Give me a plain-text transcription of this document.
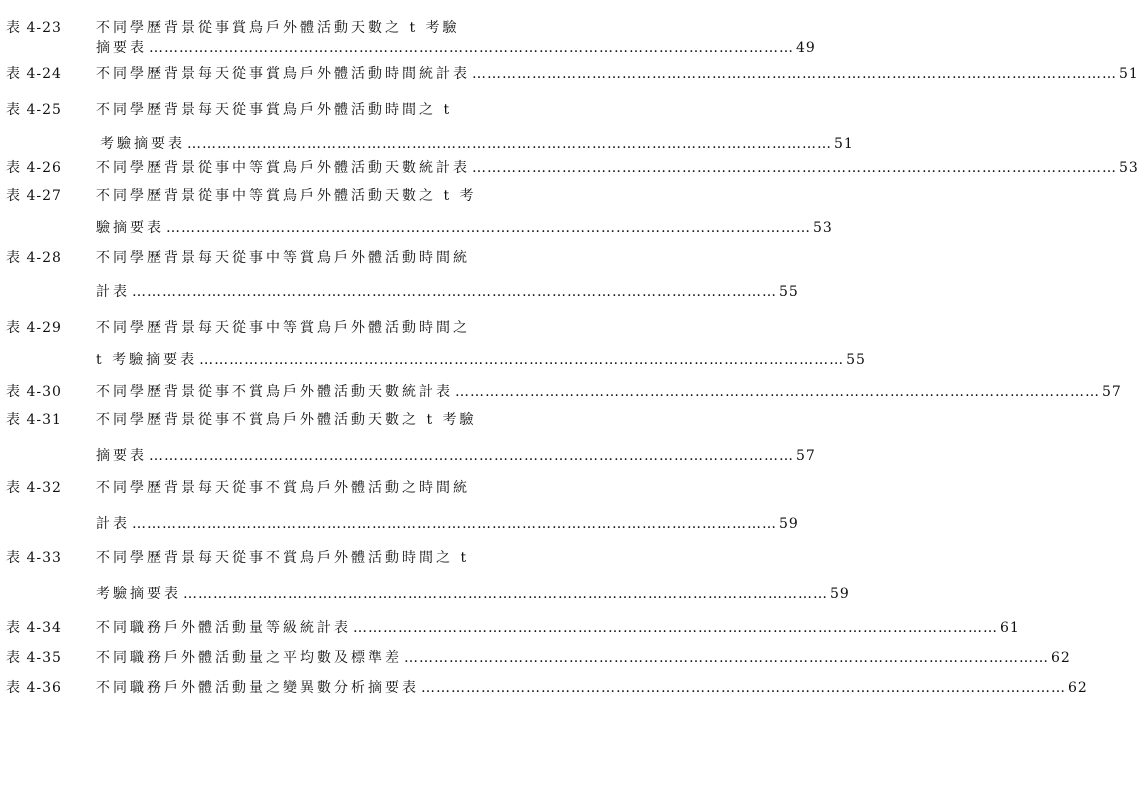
表 4-23 不同學歷背景從事賞鳥戶外體活動天數之 t 考驗
摘要表 ………………………………………………………………………………………………………………… 49
表 4-24 不同學歷背景每天從事賞鳥戶外體活動時間統計表 ………………………………………………………………………………………………………………… 51
表 4-25 不同學歷背景每天從事賞鳥戶外體活動時間之 t
考驗摘要表 ………………………………………………………………………………………………………………… 51
表 4-26 不同學歷背景從事中等賞鳥戶外體活動天數統計表 ………………………………………………………………………………………………………………… 53
表 4-27 不同學歷背景從事中等賞鳥戶外體活動天數之 t 考
驗摘要表 ………………………………………………………………………………………………………………… 53
表 4-28 不同學歷背景每天從事中等賞鳥戶外體活動時間統
計表 ………………………………………………………………………………………………………………… 55
表 4-29 不同學歷背景每天從事中等賞鳥戶外體活動時間之
t 考驗摘要表 ………………………………………………………………………………………………………………… 55
表 4-30 不同學歷背景從事不賞鳥戶外體活動天數統計表 ………………………………………………………………………………………………………………… 57
表 4-31 不同學歷背景從事不賞鳥戶外體活動天數之 t 考驗
摘要表 ………………………………………………………………………………………………………………… 57
表 4-32 不同學歷背景每天從事不賞鳥戶外體活動之時間統
計表 ………………………………………………………………………………………………………………… 59
表 4-33 不同學歷背景每天從事不賞鳥戶外體活動時間之 t
考驗摘要表 ………………………………………………………………………………………………………………… 59
表 4-34 不同職務戶外體活動量等級統計表 ………………………………………………………………………………………………………………… 61
表 4-35 不同職務戶外體活動量之平均數及標準差 ………………………………………………………………………………………………………………… 62
表 4-36 不同職務戶外體活動量之變異數分析摘要表 ………………………………………………………………………………………………………………… 62
